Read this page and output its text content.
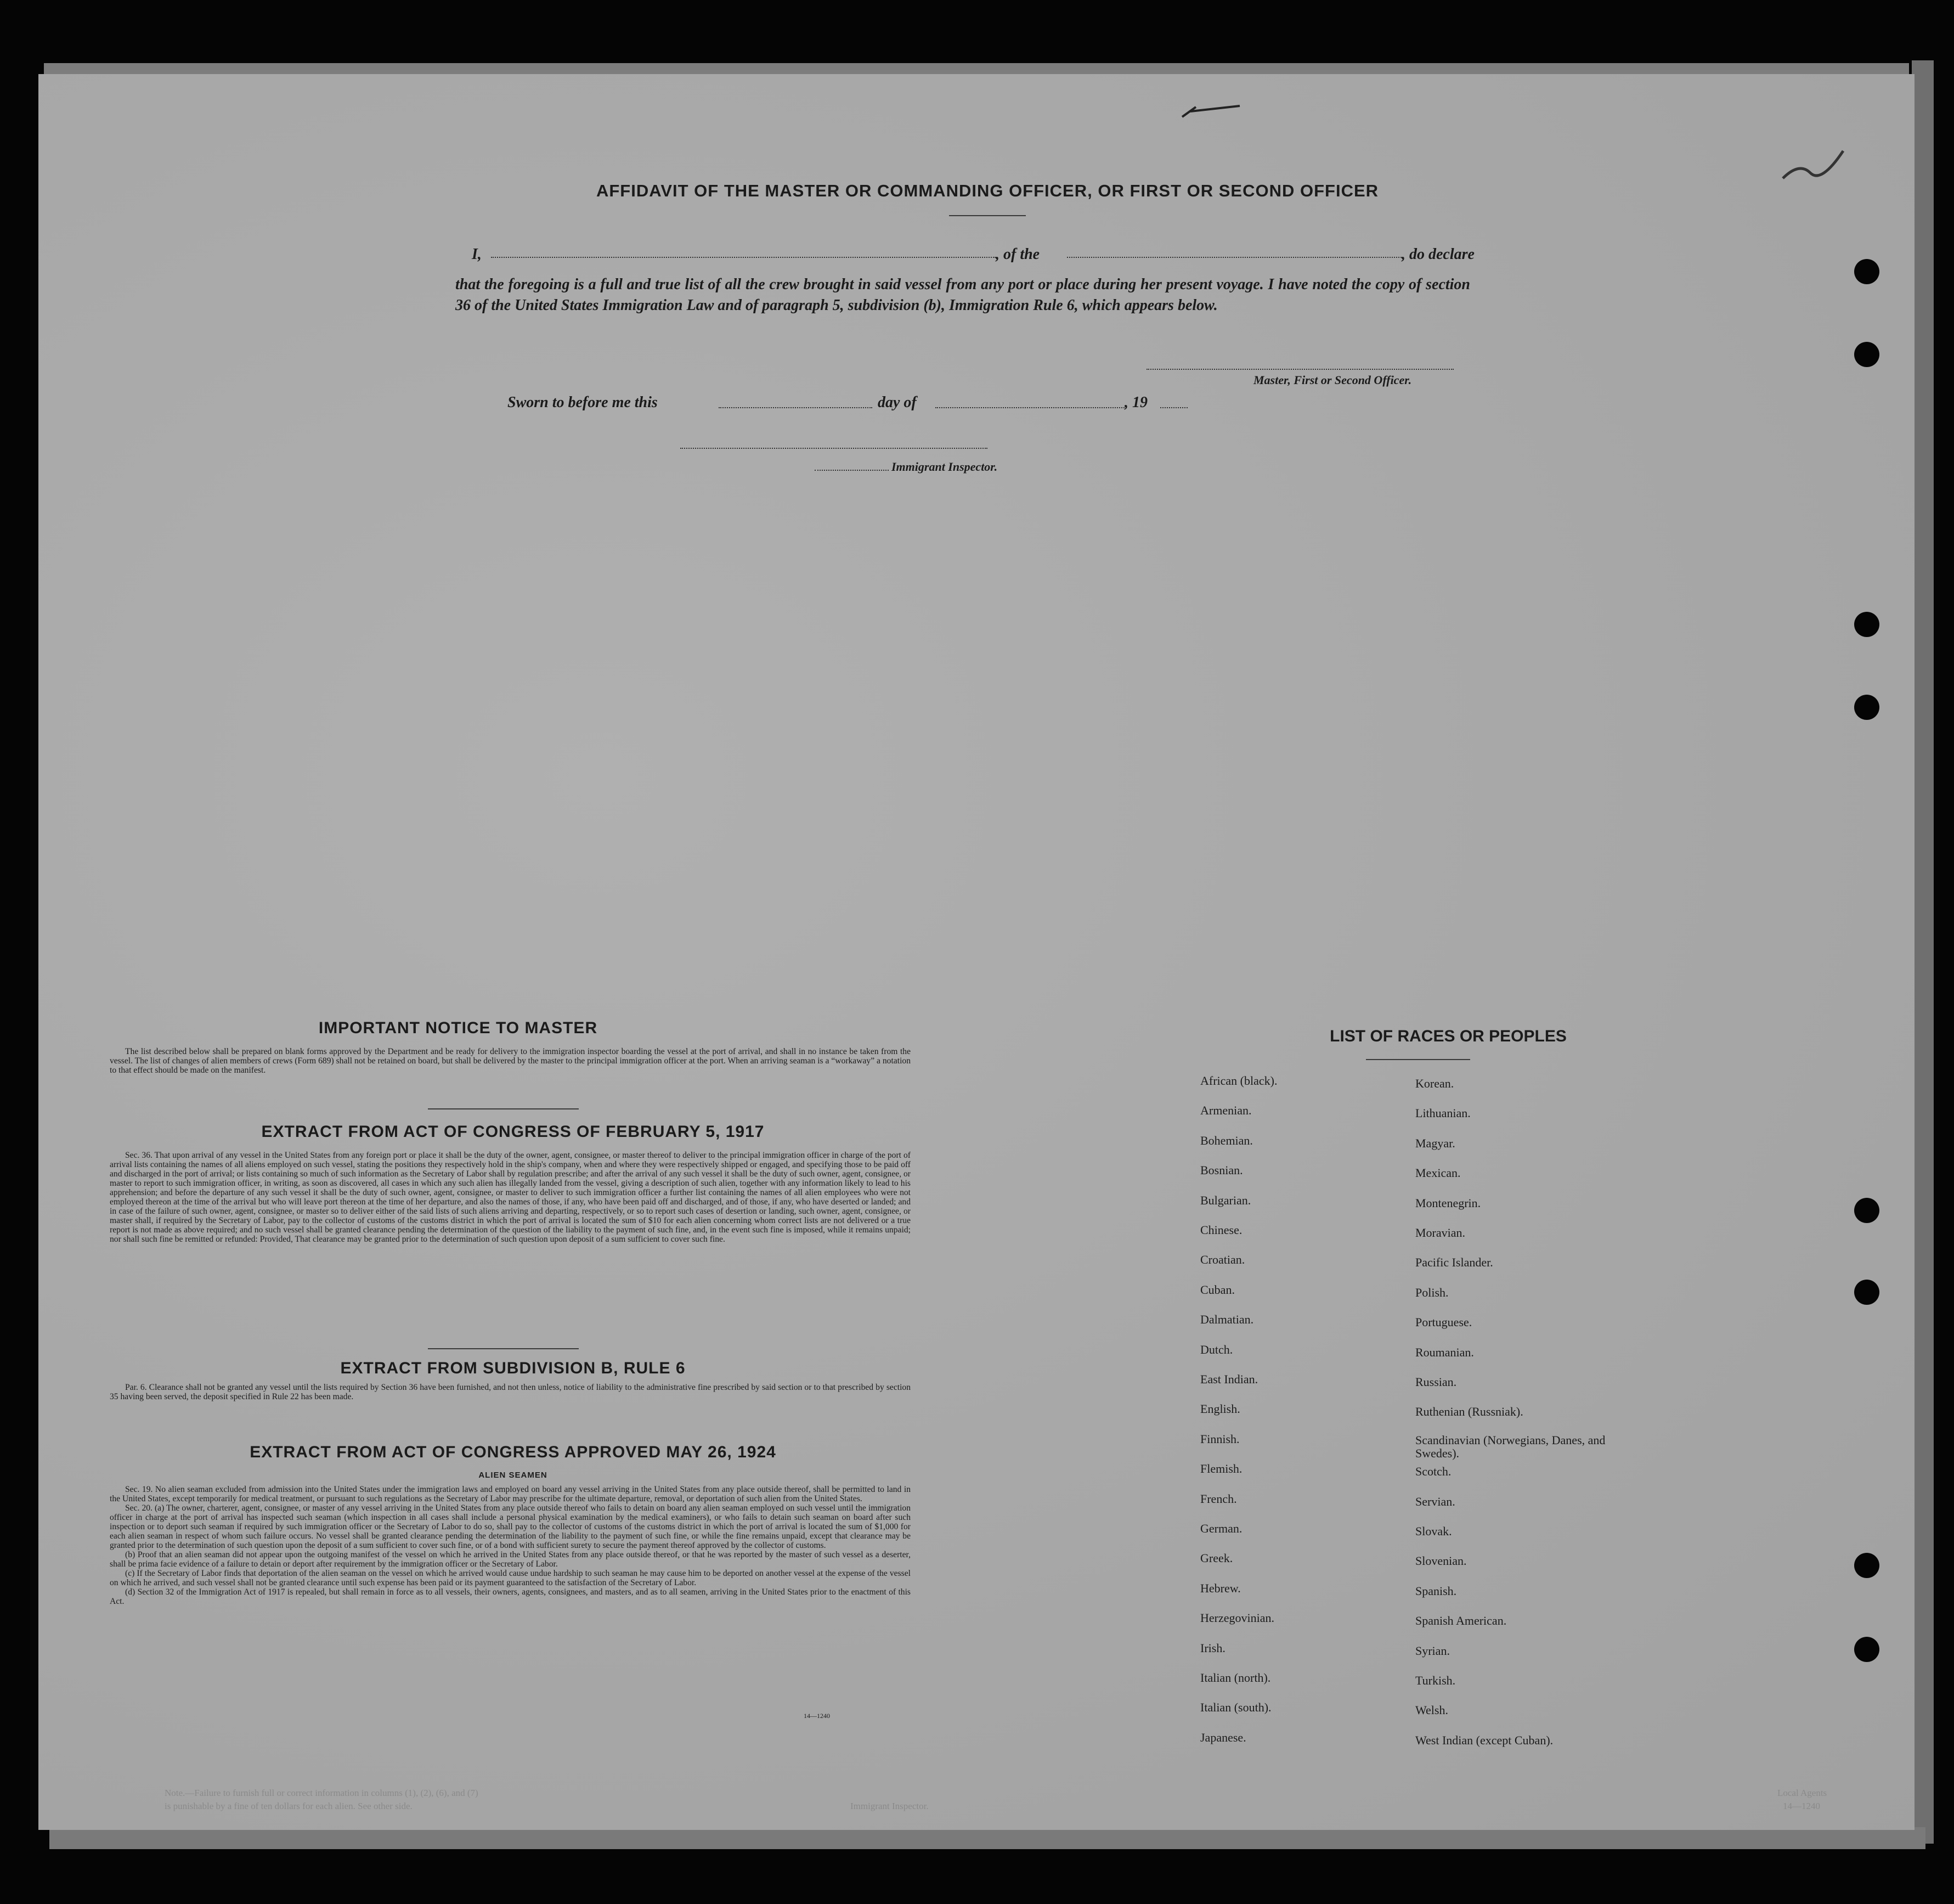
AFFIDAVIT OF THE MASTER OR COMMANDING OFFICER, OR FIRST OR SECOND OFFICER
I,	, of the	, do declare
that the foregoing is a full and true list of all the crew brought in said vessel from any port or place during her present voyage. I have noted the copy of section 36 of the United States Immigration Law and of paragraph 5, subdivision (b), Immigration Rule 6, which appears below.
Master, First or Second Officer.
Sworn to before me this	day of	, 19
Immigrant Inspector.
IMPORTANT NOTICE TO MASTER

The list described below shall be prepared on blank forms approved by the Department and be ready for delivery to the immigration inspector boarding the vessel at the port of arrival, and shall in no instance be taken from the vessel. The list of changes of alien members of crews (Form 689) shall not be retained on board, but shall be delivered by the master to the principal immigration officer at the port. When an arriving seaman is a “workaway” a notation to that effect should be made on the manifest.

EXTRACT FROM ACT OF CONGRESS OF FEBRUARY 5, 1917

Sec. 36. That upon arrival of any vessel in the United States from any foreign port or place it shall be the duty of the owner, agent, consignee, or master thereof to deliver to the principal immigration officer in charge of the port of arrival lists containing the names of all aliens employed on such vessel, stating the positions they respectively hold in the ship's company, when and where they were respectively shipped or engaged, and specifying those to be paid off and discharged in the port of arrival; or lists containing so much of such information as the Secretary of Labor shall by regulation prescribe; and after the arrival of any such vessel it shall be the duty of such owner, agent, consignee, or master to report to such immigration officer, in writing, as soon as discovered, all cases in which any such alien has illegally landed from the vessel, giving a description of such alien, together with any information likely to lead to his apprehension; and before the departure of any such vessel it shall be the duty of such owner, agent, consignee, or master to deliver to such immigration officer a further list containing the names of all alien employees who were not employed thereon at the time of the arrival but who will leave port thereon at the time of her departure, and also the names of those, if any, who have been paid off and discharged, and of those, if any, who have deserted or landed; and in case of the failure of such owner, agent, consignee, or master so to deliver either of the said lists of such aliens arriving and departing, respectively, or so to report such cases of desertion or landing, such owner, agent, consignee, or master shall, if required by the Secretary of Labor, pay to the collector of customs of the customs district in which the port of arrival is located the sum of $10 for each alien concerning whom correct lists are not delivered or a true report is not made as above required; and no such vessel shall be granted clearance pending the determination of the question of the liability to the payment of such fine, and, in the event such fine is imposed, while it remains unpaid; nor shall such fine be remitted or refunded: Provided, That clearance may be granted prior to the determination of such question upon deposit of a sum sufficient to cover such fine.

EXTRACT FROM SUBDIVISION B, RULE 6

Par. 6. Clearance shall not be granted any vessel until the lists required by Section 36 have been furnished, and not then unless, notice of liability to the administrative fine prescribed by said section or to that prescribed by section 35 having been served, the deposit specified in Rule 22 has been made.

EXTRACT FROM ACT OF CONGRESS APPROVED MAY 26, 1924
ALIEN SEAMEN

Sec. 19. No alien seaman excluded from admission into the United States under the immigration laws and employed on board any vessel arriving in the United States from any place outside thereof, shall be permitted to land in the United States, except temporarily for medical treatment, or pursuant to such regulations as the Secretary of Labor may prescribe for the ultimate departure, removal, or deportation of such alien from the United States.

Sec. 20. (a) The owner, charterer, agent, consignee, or master of any vessel arriving in the United States from any place outside thereof who fails to detain on board any alien seaman employed on such vessel until the immigration officer in charge at the port of arrival has inspected such seaman (which inspection in all cases shall include a personal physical examination by the medical examiners), or who fails to detain such seaman on board after such inspection or to deport such seaman if required by such immigration officer or the Secretary of Labor to do so, shall pay to the collector of customs of the customs district in which the port of arrival is located the sum of $1,000 for each alien seaman in respect of whom such failure occurs. No vessel shall be granted clearance pending the determination of the liability to the payment of such fine, or while the fine remains unpaid, except that clearance may be granted prior to the determination of such question upon the deposit of a sum sufficient to cover such fine, or of a bond with sufficient surety to secure the payment thereof approved by the collector of customs.

(b) Proof that an alien seaman did not appear upon the outgoing manifest of the vessel on which he arrived in the United States from any place outside thereof, or that he was reported by the master of such vessel as a deserter, shall be prima facie evidence of a failure to detain or deport after requirement by the immigration officer or the Secretary of Labor.

(c) If the Secretary of Labor finds that deportation of the alien seaman on the vessel on which he arrived would cause undue hardship to such seaman he may cause him to be deported on another vessel at the expense of the vessel on which he arrived, and such vessel shall not be granted clearance until such expense has been paid or its payment guaranteed to the satisfaction of the Secretary of Labor.

(d) Section 32 of the Immigration Act of 1917 is repealed, but shall remain in force as to all vessels, their owners, agents, consignees, and masters, and as to all seamen, arriving in the United States prior to the enactment of this Act.

14—1240
LIST OF RACES OR PEOPLES
African (black).
Armenian.
Bohemian.
Bosnian.
Bulgarian.
Chinese.
Croatian.
Cuban.
Dalmatian.
Dutch.
East Indian.
English.
Finnish.
Flemish.
French.
German.
Greek.
Hebrew.
Herzegovinian.
Irish.
Italian (north).
Italian (south).
Japanese.
Korean.
Lithuanian.
Magyar.
Mexican.
Montenegrin.
Moravian.
Pacific Islander.
Polish.
Portuguese.
Roumanian.
Russian.
Ruthenian (Russniak).
Scandinavian (Norwegians, Danes, and Swedes).
Scotch.
Servian.
Slovak.
Slovenian.
Spanish.
Spanish American.
Syrian.
Turkish.
Welsh.
West Indian (except Cuban).
Note.—Failure to furnish full or correct information in columns (1), (2), (6), and (7)
is punishable by a fine of ten dollars for each alien. See other side.	Immigrant Inspector.
Local Agents
14—1240
